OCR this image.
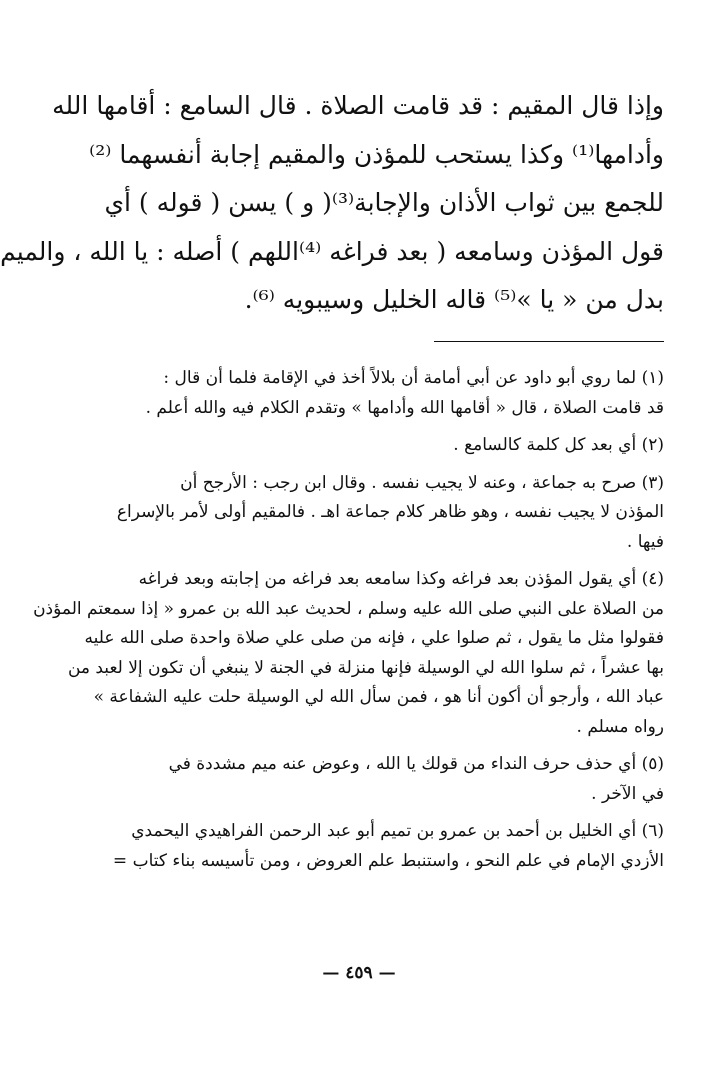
وإذا قال المقيم : قد قامت الصلاة . قال السامع : أقامها الله
وأدامها⁽¹⁾ وكذا يستحب للمؤذن والمقيم إجابة أنفسهما ⁽²⁾
للجمع بين ثواب الأذان والإجابة⁽³⁾( و ) يسن ( قوله ) أي
قول المؤذن وسامعه ( بعد فراغه ⁽⁴⁾اللهم ) أصله : يا الله ، والميم
بدل من « يا »⁽⁵⁾ قاله الخليل وسيبويه ⁽⁶⁾.
(١) لما روي أبو داود عن أبي أمامة أن بلالاً أخذ في الإقامة فلما أن قال :
قد قامت الصلاة ، قال « أقامها الله وأدامها » وتقدم الكلام فيه والله أعلم .
(٢) أي بعد كل كلمة كالسامع .
(٣) صرح به جماعة ، وعنه لا يجيب نفسه . وقال ابن رجب : الأرجح أن
المؤذن لا يجيب نفسه ، وهو ظاهر كلام جماعة اهـ . فالمقيم أولى لأمر بالإسراع
فيها .
(٤) أي يقول المؤذن بعد فراغه وكذا سامعه بعد فراغه من إجابته وبعد فراغه
من الصلاة على النبي صلى الله عليه وسلم ، لحديث عبد الله بن عمرو « إذا سمعتم المؤذن
فقولوا مثل ما يقول ، ثم صلوا علي ، فإنه من صلى علي صلاة واحدة صلى الله عليه
بها عشراً ، ثم سلوا الله لي الوسيلة فإنها منزلة في الجنة لا ينبغي أن تكون إلا لعبد من
عباد الله ، وأرجو أن أكون أنا هو ، فمن سأل الله لي الوسيلة حلت عليه الشفاعة »
رواه مسلم .
(٥) أي حذف حرف النداء من قولك يا الله ، وعوض عنه ميم مشددة في
في الآخر .
(٦) أي الخليل بن أحمد بن عمرو بن تميم أبو عبد الرحمن الفراهيدي اليحمدي
الأزدي الإمام في علم النحو ، واستنبط علم العروض ، ومن تأسيسه بناء كتاب =
— ٤٥٩ —
